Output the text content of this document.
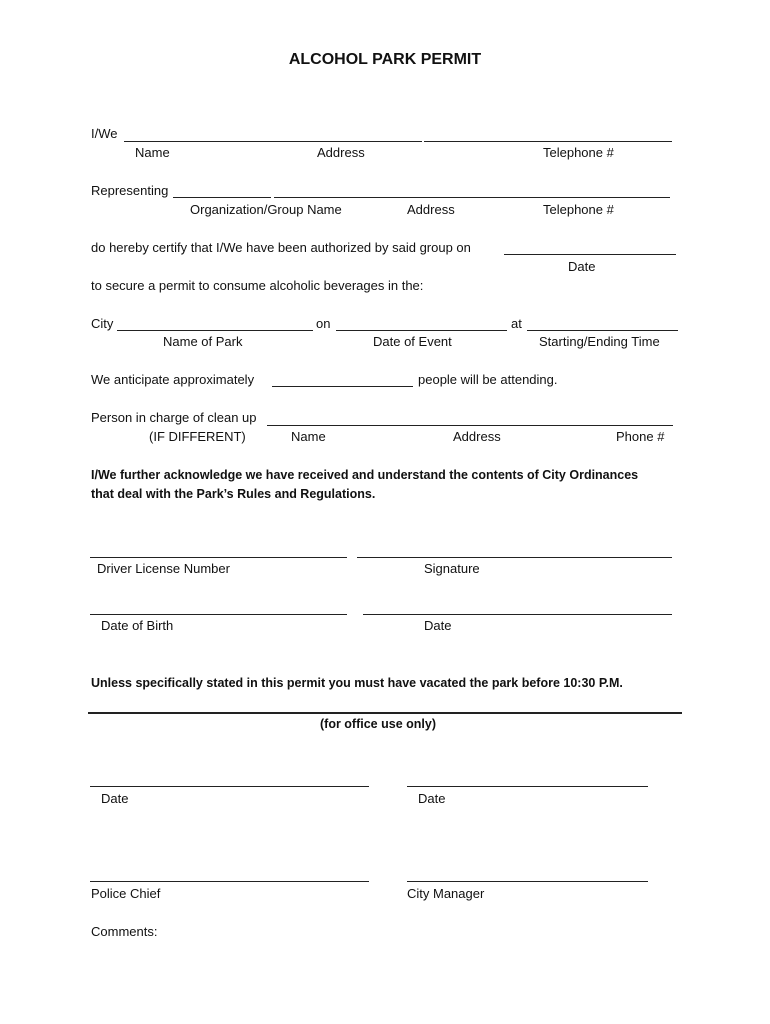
ALCOHOL PARK PERMIT
I/We
Name	Address	Telephone #
Representing
Organization/Group Name	Address	Telephone #
do hereby certify that I/We have been authorized by said group on
Date
to secure a permit to consume alcoholic beverages in the:
City	on	at
Name of Park	Date of Event	Starting/Ending Time
We anticipate approximately	people will be attending.
Person in charge of clean up
(IF DIFFERENT)	Name	Address	Phone #
I/We further acknowledge we have received and understand the contents of City Ordinances
that deal with the Park’s Rules and Regulations.
Driver License Number	Signature
Date of Birth	Date
Unless specifically stated in this permit you must have vacated the park before 10:30 P.M.
(for office use only)
Date	Date
Police Chief	City Manager
Comments:
